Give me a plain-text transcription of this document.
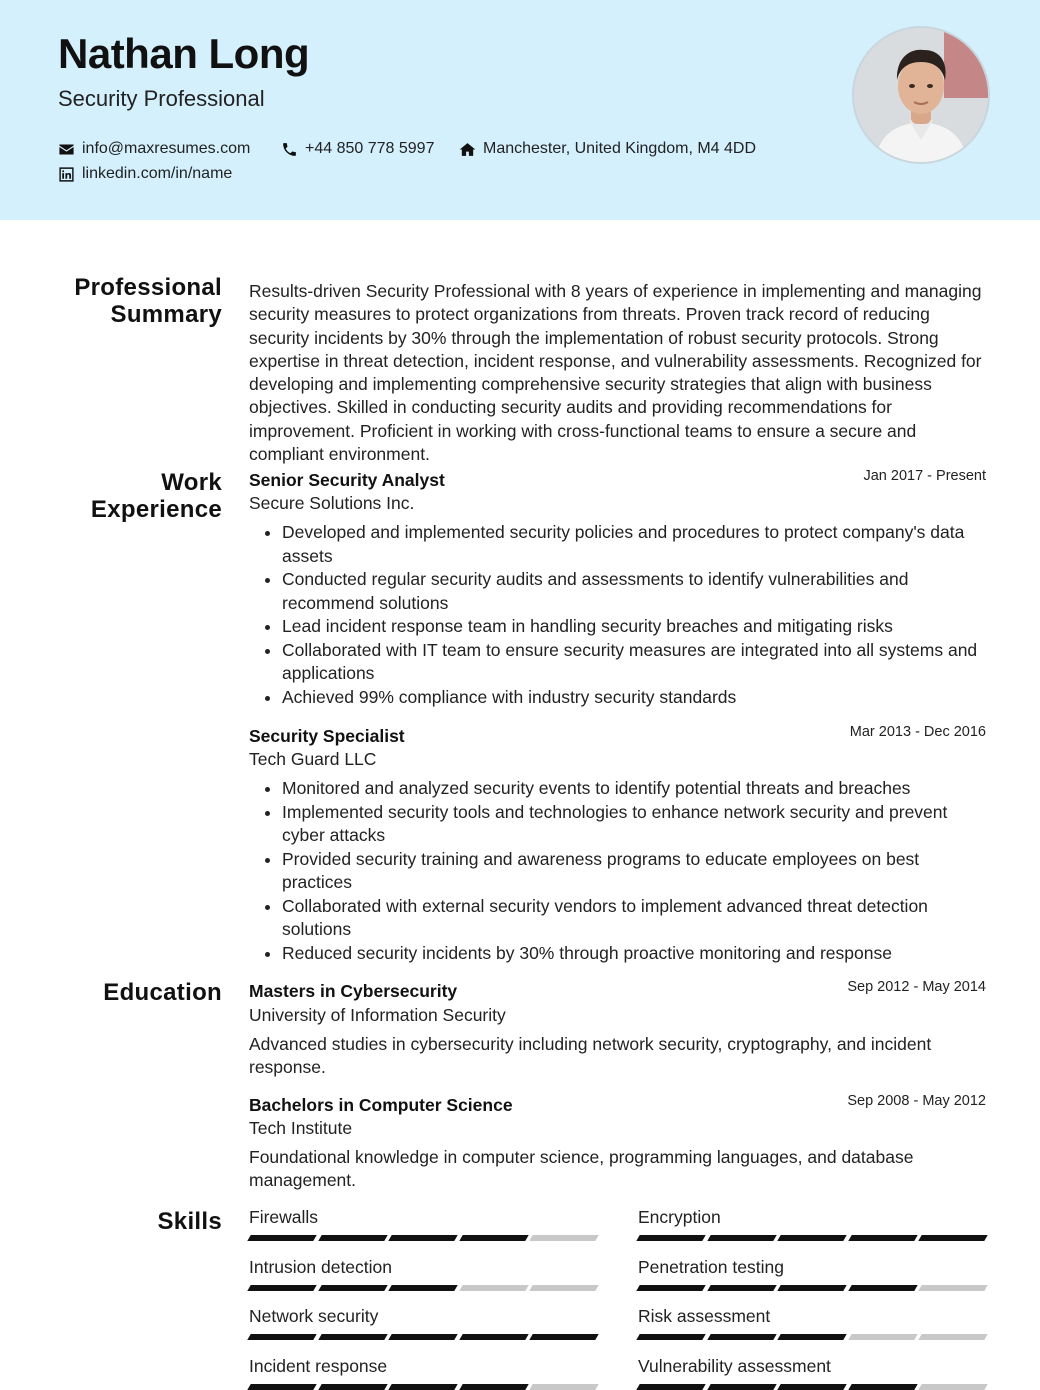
Nathan Long
Security Professional
info@maxresumes.com	+44 850 778 5997	Manchester, United Kingdom, M4 4DD
linkedin.com/in/name
Professional
Summary
Results-driven Security Professional with 8 years of experience in implementing and managing security measures to protect organizations from threats. Proven track record of reducing security incidents by 30% through the implementation of robust security protocols. Strong expertise in threat detection, incident response, and vulnerability assessments. Recognized for developing and implementing comprehensive security strategies that align with business objectives. Skilled in conducting security audits and providing recommendations for improvement. Proficient in working with cross-functional teams to ensure a secure and compliant environment.
Work
Experience
Senior Security Analyst	Jan 2017 - Present
Secure Solutions Inc.
• Developed and implemented security policies and procedures to protect company's data assets
• Conducted regular security audits and assessments to identify vulnerabilities and recommend solutions
• Lead incident response team in handling security breaches and mitigating risks
• Collaborated with IT team to ensure security measures are integrated into all systems and applications
• Achieved 99% compliance with industry security standards
Security Specialist	Mar 2013 - Dec 2016
Tech Guard LLC
• Monitored and analyzed security events to identify potential threats and breaches
• Implemented security tools and technologies to enhance network security and prevent cyber attacks
• Provided security training and awareness programs to educate employees on best practices
• Collaborated with external security vendors to implement advanced threat detection solutions
• Reduced security incidents by 30% through proactive monitoring and response
Education Masters in Cybersecurity	Sep 2012 - May 2014
University of Information Security
Advanced studies in cybersecurity including network security, cryptography, and incident response.
Bachelors in Computer Science	Sep 2008 - May 2012
Tech Institute
Foundational knowledge in computer science, programming languages, and database management.
Skills Firewalls	Encryption
Intrusion detection	Penetration testing
Network security	Risk assessment
Incident response	Vulnerability assessment
